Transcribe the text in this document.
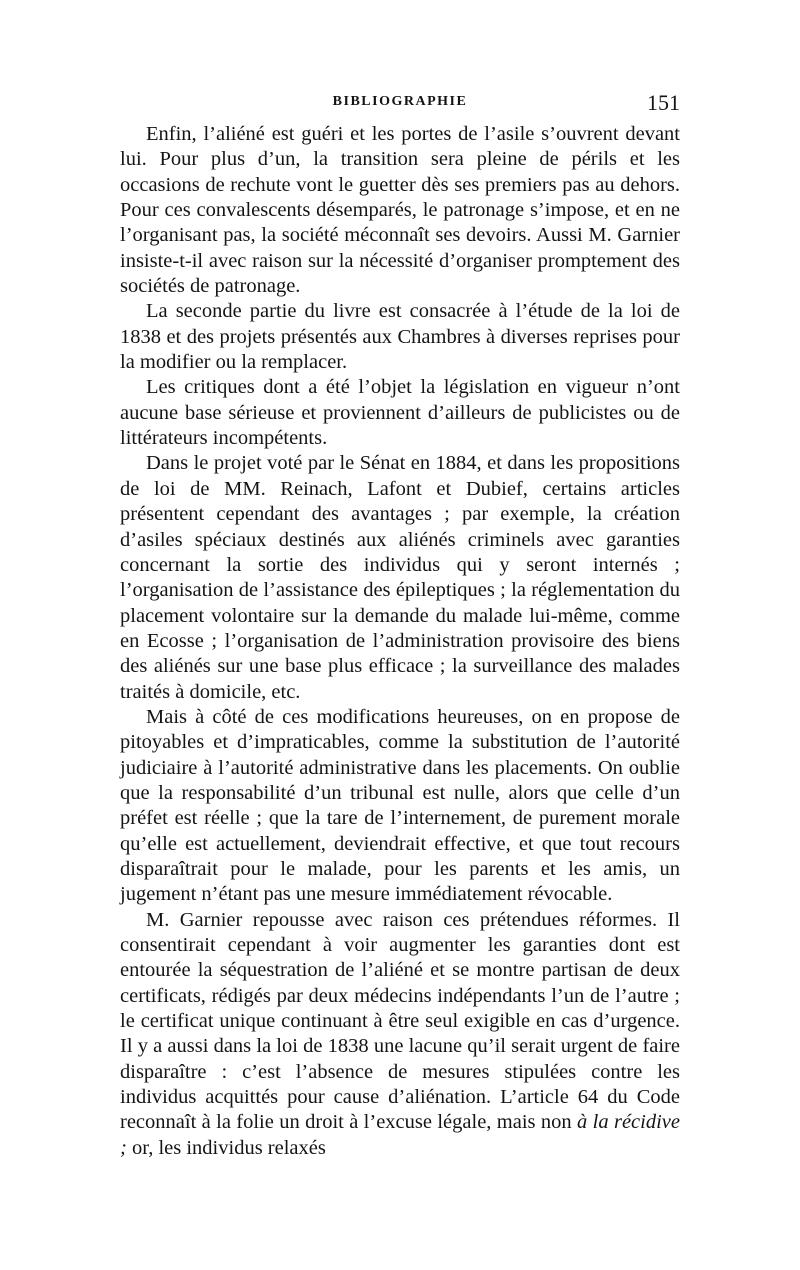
BIBLIOGRAPHIE	151

Enfin, l’aliéné est guéri et les portes de l’asile s’ouvrent devant lui. Pour plus d’un, la transition sera pleine de périls et les occasions de rechute vont le guetter dès ses premiers pas au dehors. Pour ces convalescents désemparés, le patronage s’impose, et en ne l’organisant pas, la société méconnaît ses devoirs. Aussi M. Garnier insiste-t-il avec raison sur la nécessité d’organiser promptement des sociétés de patronage.

La seconde partie du livre est consacrée à l’étude de la loi de 1838 et des projets présentés aux Chambres à diverses reprises pour la modifier ou la remplacer.

Les critiques dont a été l’objet la législation en vigueur n’ont aucune base sérieuse et proviennent d’ailleurs de publicistes ou de littérateurs incompétents.

Dans le projet voté par le Sénat en 1884, et dans les propositions de loi de MM. Reinach, Lafont et Dubief, certains articles présentent cependant des avantages ; par exemple, la création d’asiles spéciaux destinés aux aliénés criminels avec garanties concernant la sortie des individus qui y seront internés ; l’organisation de l’assistance des épileptiques ; la réglementation du placement volontaire sur la demande du malade lui-même, comme en Ecosse ; l’organisation de l’administration provisoire des biens des aliénés sur une base plus efficace ; la surveillance des malades traités à domicile, etc.

Mais à côté de ces modifications heureuses, on en propose de pitoyables et d’impraticables, comme la substitution de l’autorité judiciaire à l’autorité administrative dans les placements. On oublie que la responsabilité d’un tribunal est nulle, alors que celle d’un préfet est réelle ; que la tare de l’internement, de purement morale qu’elle est actuellement, deviendrait effective, et que tout recours disparaîtrait pour le malade, pour les parents et les amis, un jugement n’étant pas une mesure immédiatement révocable.

M. Garnier repousse avec raison ces prétendues réformes. Il consentirait cependant à voir augmenter les garanties dont est entourée la séquestration de l’aliéné et se montre partisan de deux certificats, rédigés par deux médecins indépendants l’un de l’autre ; le certificat unique continuant à être seul exigible en cas d’urgence. Il y a aussi dans la loi de 1838 une lacune qu’il serait urgent de faire disparaître : c’est l’absence de mesures stipulées contre les individus acquittés pour cause d’aliénation. L’article 64 du Code reconnaît à la folie un droit à l’excuse légale, mais non à la récidive ; or, les individus relaxés
